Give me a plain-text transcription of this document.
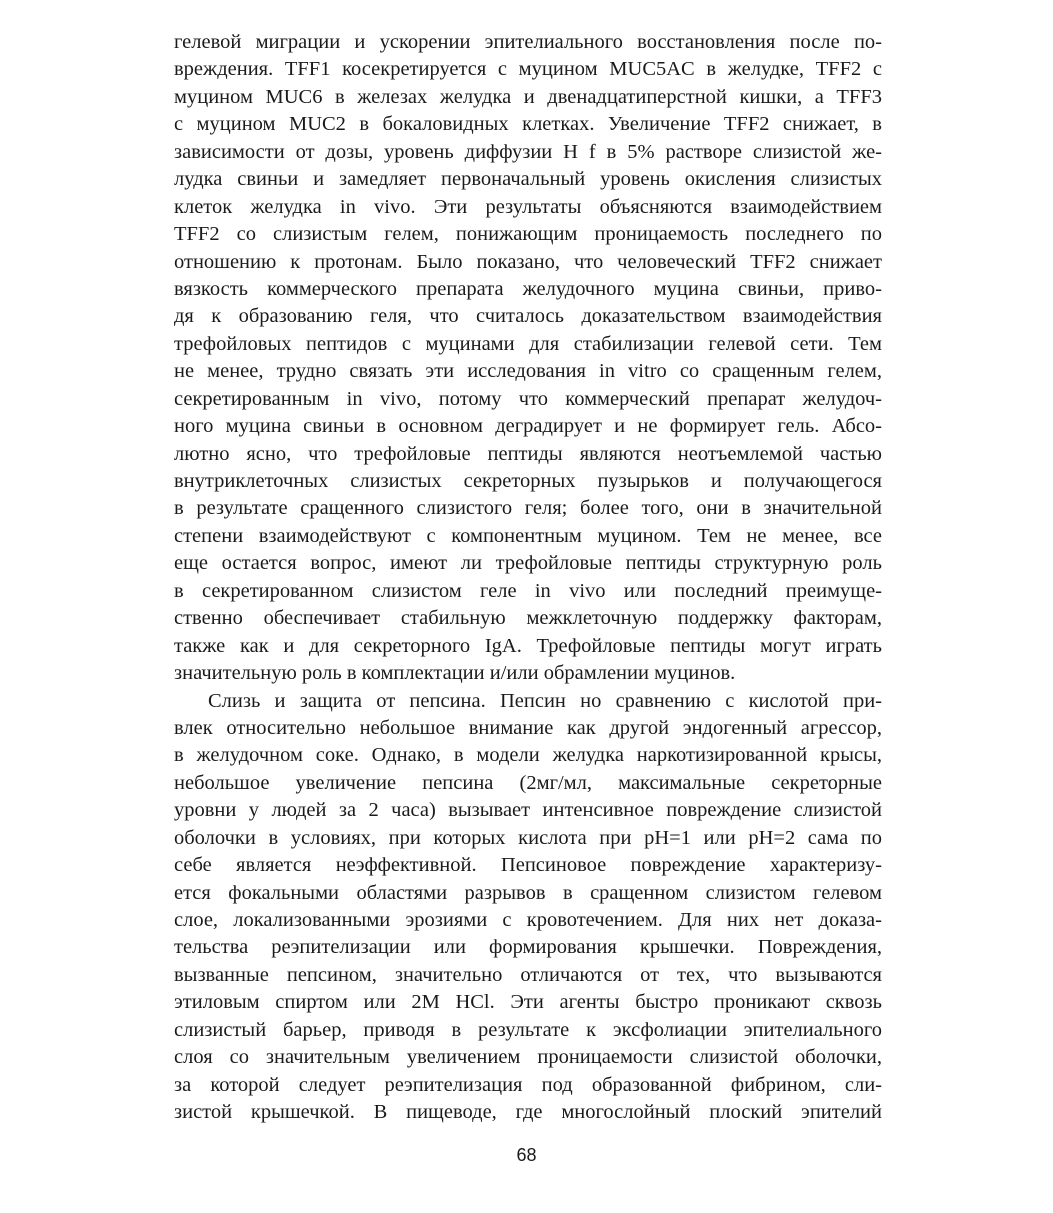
гелевой миграции и ускорении эпителиального восстановления после по-
вреждения. TFF1 косекретируется с муцином MUC5AC в желудке, TFF2 с
муцином MUC6 в железах желудка и двенадцатиперстной кишки, а TFF3
с муцином MUC2 в бокаловидных клетках. Увеличение TFF2 снижает, в
зависимости от дозы, уровень диффузии H f в 5% растворе слизистой же-
лудка свиньи и замедляет первоначальный уровень окисления слизистых
клеток желудка in vivo. Эти результаты объясняются взаимодействием
TFF2 со слизистым гелем, понижающим проницаемость последнего по
отношению к протонам. Было показано, что человеческий TFF2 снижает
вязкость коммерческого препарата желудочного муцина свиньи, приво-
дя к образованию геля, что считалось доказательством взаимодействия
трефойловых пептидов с муцинами для стабилизации гелевой сети. Тем
не менее, трудно связать эти исследования in vitro со сращенным гелем,
секретированным in vivo, потому что коммерческий препарат желудоч-
ного муцина свиньи в основном деградирует и не формирует гель. Абсо-
лютно ясно, что трефойловые пептиды являются неотъемлемой частью
внутриклеточных слизистых секреторных пузырьков и получающегося
в результате сращенного слизистого геля; более того, они в значительной
степени взаимодействуют с компонентным муцином. Тем не менее, все
еще остается вопрос, имеют ли трефойловые пептиды структурную роль
в секретированном слизистом геле in vivo или последний преимуще-
ственно обеспечивает стабильную межклеточную поддержку факторам,
также как и для секреторного IgA. Трефойловые пептиды могут играть
значительную роль в комплектации и/или обрамлении муцинов.
Слизь и защита от пепсина. Пепсин но сравнению с кислотой при-
влек относительно небольшое внимание как другой эндогенный агрессор,
в желудочном соке. Однако, в модели желудка наркотизированной крысы,
небольшое увеличение пепсина (2мг/мл, максимальные секреторные
уровни у людей за 2 часа) вызывает интенсивное повреждение слизистой
оболочки в условиях, при которых кислота при pH=1 или pH=2 сама по
себе является неэффективной. Пепсиновое повреждение характеризу-
ется фокальными областями разрывов в сращенном слизистом гелевом
слое, локализованными эрозиями с кровотечением. Для них нет доказа-
тельства реэпителизации или формирования крышечки. Повреждения,
вызванные пепсином, значительно отличаются от тех, что вызываются
этиловым спиртом или 2М HCl. Эти агенты быстро проникают сквозь
слизистый барьер, приводя в результате к эксфолиации эпителиального
слоя со значительным увеличением проницаемости слизистой оболочки,
за которой следует реэпителизация под образованной фибрином, сли-
зистой крышечкой. В пищеводе, где многослойный плоский эпителий
68
